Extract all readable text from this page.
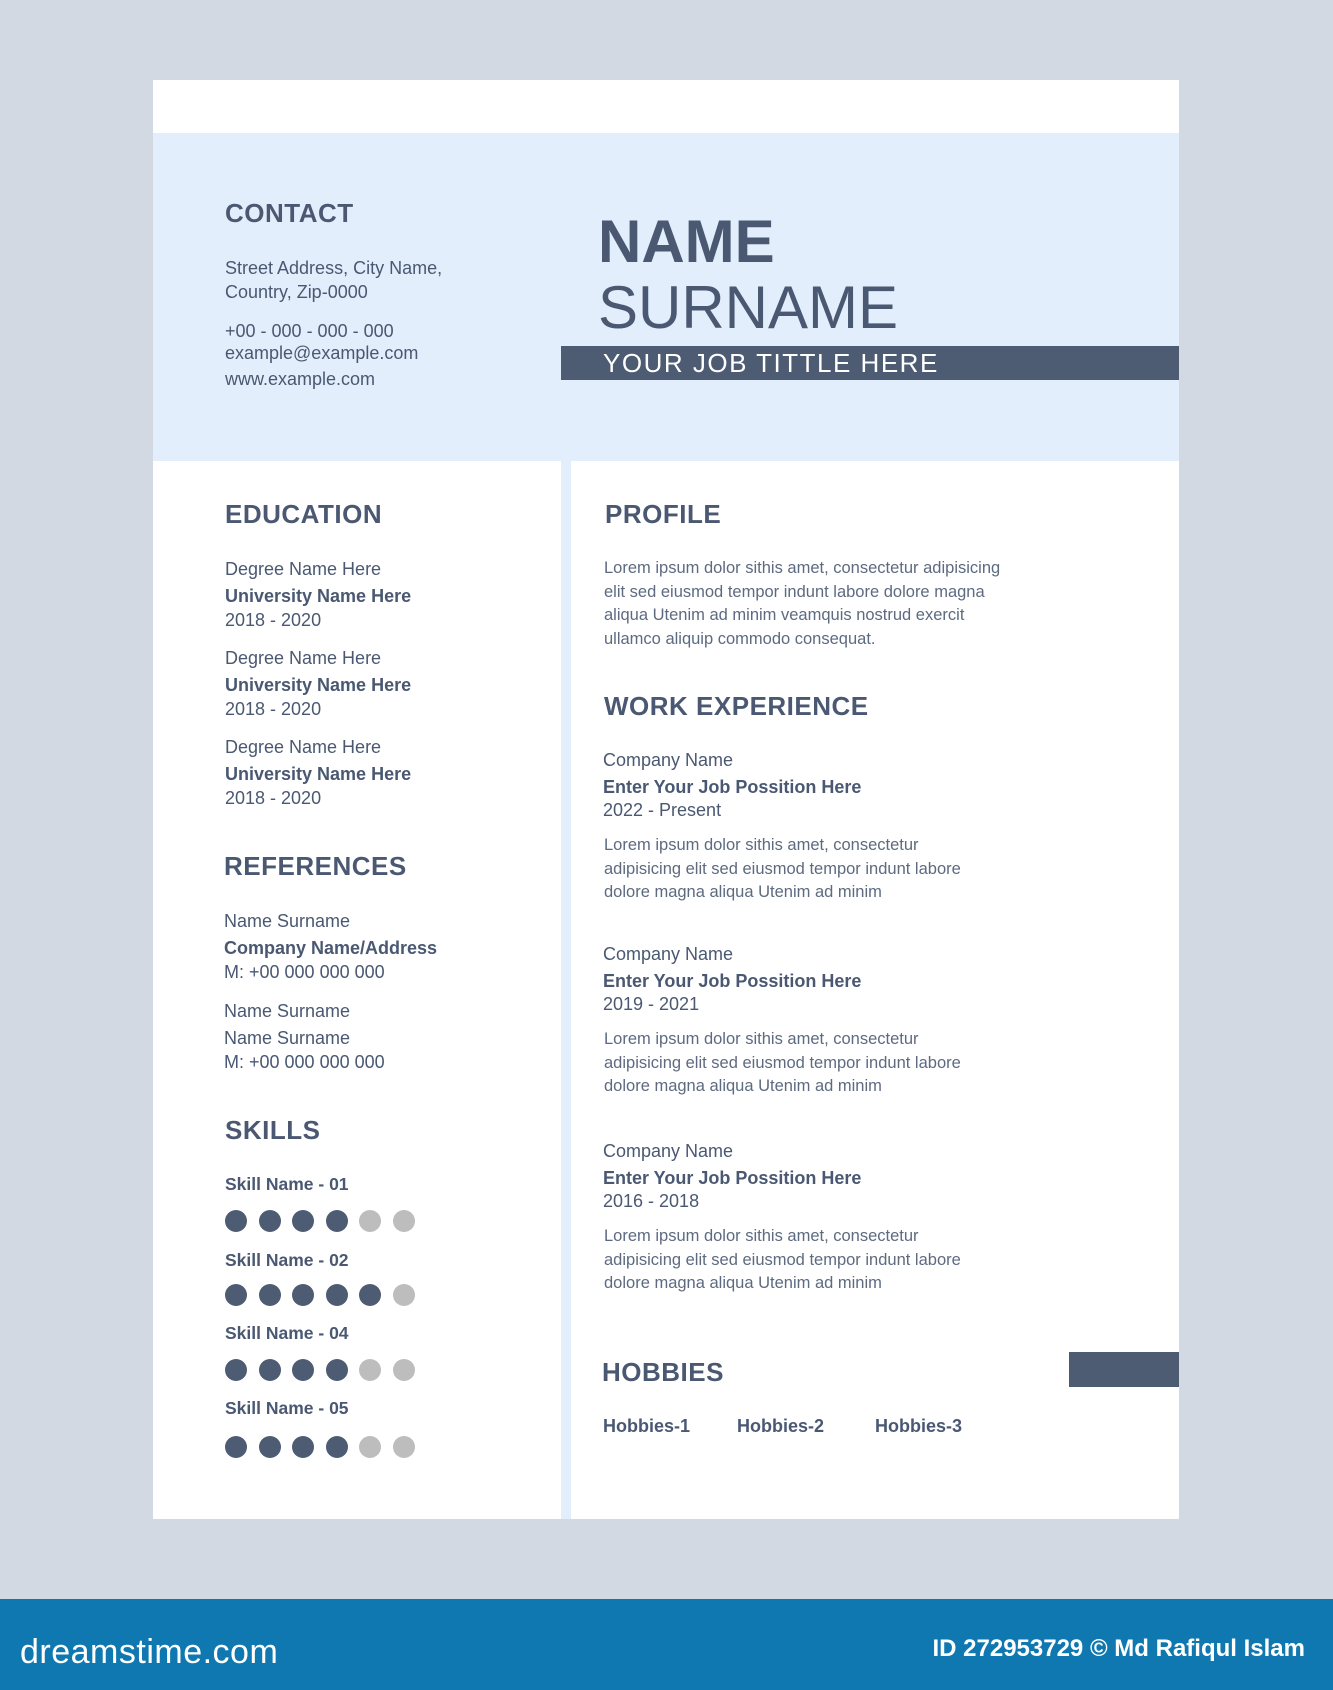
CONTACT
Street Address, City Name,
Country, Zip-0000
+00 - 000 - 000 - 000
example@example.com
www.example.com
NAME
SURNAME
YOUR JOB TITTLE HERE
EDUCATION
Degree Name Here
University Name Here
2018 - 2020
Degree Name Here
University Name Here
2018 - 2020
Degree Name Here
University Name Here
2018 - 2020
REFERENCES
Name Surname
Company Name/Address
M: +00 000 000 000
Name Surname
Name Surname
M: +00 000 000 000
SKILLS
Skill Name - 01
Skill Name - 02
Skill Name - 04
Skill Name - 05
PROFILE
Lorem ipsum dolor sithis amet, consectetur adipisicing
elit sed eiusmod tempor indunt labore dolore magna
aliqua Utenim ad minim veamquis nostrud exercit
ullamco aliquip commodo consequat.
WORK EXPERIENCE
Company Name
Enter Your Job Possition Here
2022 - Present
Lorem ipsum dolor sithis amet, consectetur
adipisicing elit sed eiusmod tempor indunt labore
dolore magna aliqua Utenim ad minim
Company Name
Enter Your Job Possition Here
2019 - 2021
Lorem ipsum dolor sithis amet, consectetur
adipisicing elit sed eiusmod tempor indunt labore
dolore magna aliqua Utenim ad minim
Company Name
Enter Your Job Possition Here
2016 - 2018
Lorem ipsum dolor sithis amet, consectetur
adipisicing elit sed eiusmod tempor indunt labore
dolore magna aliqua Utenim ad minim
HOBBIES
Hobbies-1	Hobbies-2	Hobbies-3
dreamstime.com	ID 272953729 © Md Rafiqul Islam
